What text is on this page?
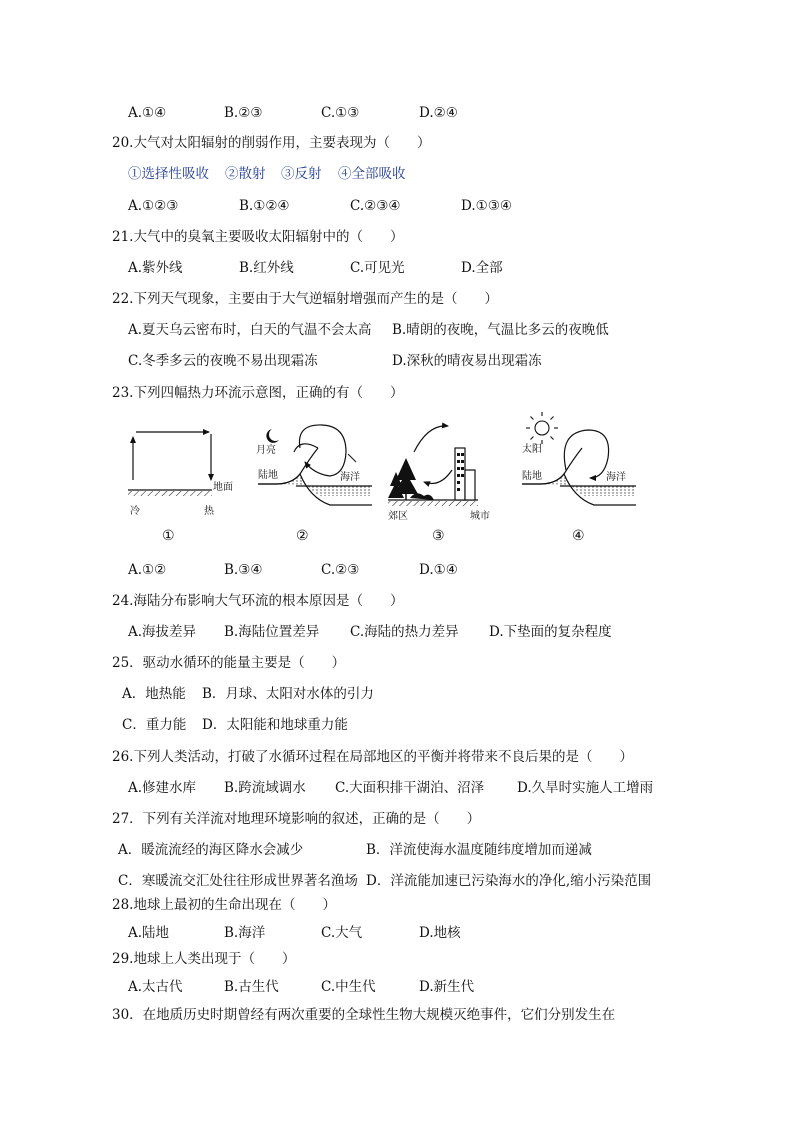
A.①④	B.②③	C.①③	D.②④
20.大气对太阳辐射的削弱作用，主要表现为（　　）
①选择性吸收 ②散射 ③反射 ④全部吸收
A.①②③	B.①②④	C.②③④	D.①③④
21.大气中的臭氧主要吸收太阳辐射中的（　　）
A.紫外线	B.红外线	C.可见光	D.全部
22.下列天气现象，主要由于大气逆辐射增强而产生的是（　　）
A.夏天乌云密布时，白天的气温不会太高 B.晴朗的夜晚，气温比多云的夜晚低
C.冬季多云的夜晚不易出现霜冻	D.深秋的晴夜易出现霜冻
23.下列四幅热力环流示意图，正确的有（　　）
地面
冷	热
①
月亮
陆地	海洋
②
郊区	城市
③
太阳
陆地	海洋
④
A.①②	B.③④	C.②③	D.①④
24.海陆分布影响大气环流的根本原因是（　　）
A.海拔差异 B.海陆位置差异 C.海陆的热力差异 D.下垫面的复杂程度
25．驱动水循环的能量主要是（　　）
A．地热能 B．月球、太阳对水体的引力
C．重力能 D．太阳能和地球重力能
26.下列人类活动，打破了水循环过程在局部地区的平衡并将带来不良后果的是（　　）
A.修建水库 B.跨流域调水 C.大面积排干湖泊、沼泽 D.久旱时实施人工增雨
27．下列有关洋流对地理环境影响的叙述，正确的是（　　）
A．暖流流经的海区降水会减少	B．洋流使海水温度随纬度增加而递减
C．寒暖流交汇处往往形成世界著名渔场 D．洋流能加速已污染海水的净化,缩小污染范围
28.地球上最初的生命出现在（　　）
A.陆地	B.海洋	C.大气	D.地核
29.地球上人类出现于（　　）
A.太古代	B.古生代	C.中生代	D.新生代
30．在地质历史时期曾经有两次重要的全球性生物大规模灭绝事件，它们分别发生在
